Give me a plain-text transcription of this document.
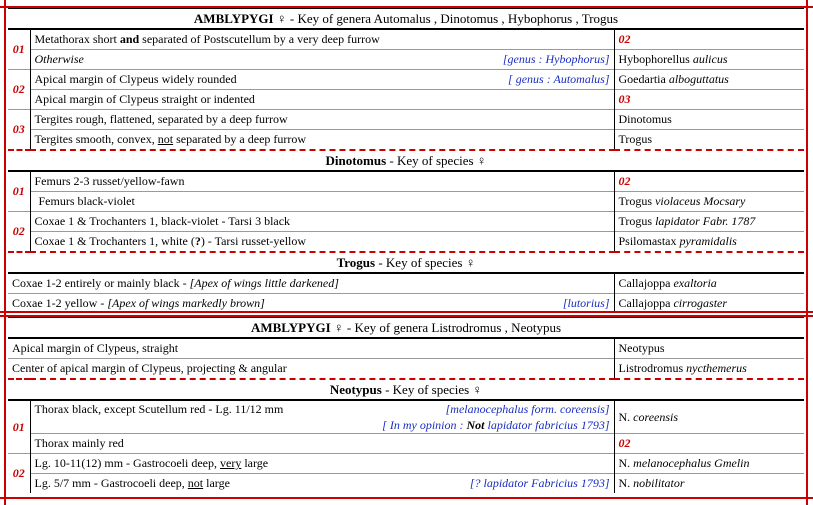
AMBLYPYGI ♀ - Key of genera Automalus , Dinotomus , Hybophorus , Trogus		
01	Metathorax short and separated of Postscutellum by a very deep furrow	02
	Otherwise [genus : Hybophorus]	Hybophorellus aulicus
02	Apical margin of Clypeus widely rounded [ genus : Automalus]	Goedartia alboguttatus
	Apical margin of Clypeus straight or indented	03
03	Tergites rough, flattened, separated by a deep furrow	Dinotomus
	Tergites smooth, convex, not separated by a deep furrow	Trogus
Dinotomus - Key of species ♀		
01	Femurs 2-3 russet/yellow-fawn	02
	Femurs black-violet	Trogus violaceus Mocsary
02	Coxae 1 & Trochanters 1, black-violet - Tarsi 3 black	Trogus lapidator Fabr. 1787
	Coxae 1 & Trochanters 1, white (?) - Tarsi russet-yellow	Psilomastax pyramidalis
Trogus - Key of species ♀		
Coxae 1-2 entirely or mainly black - [Apex of wings little darkened]		Callajoppa exaltoria
Coxae 1-2 yellow - [Apex of wings markedly brown] [lutorius]		Callajoppa cirrogaster
AMBLYPYGI ♀ - Key of genera Listrodromus , Neotypus		
Apical margin of Clypeus, straight		Neotypus
Center of apical margin of Clypeus, projecting & angular		Listrodromus nycthemerus
Neotypus - Key of species ♀		
01	Thorax black, except Scutellum red - Lg. 11/12 mm [melanocephalus form. coreensis]
[ In my opinion : Not lapidator fabricius 1793]	N. coreensis
	Thorax mainly red	02
02	Lg. 10-11(12) mm - Gastrocoeli deep, very large	N. melanocephalus Gmelin
	Lg. 5/7 mm - Gastrocoeli deep, not large [? lapidator Fabricius 1793]	N. nobilitator
